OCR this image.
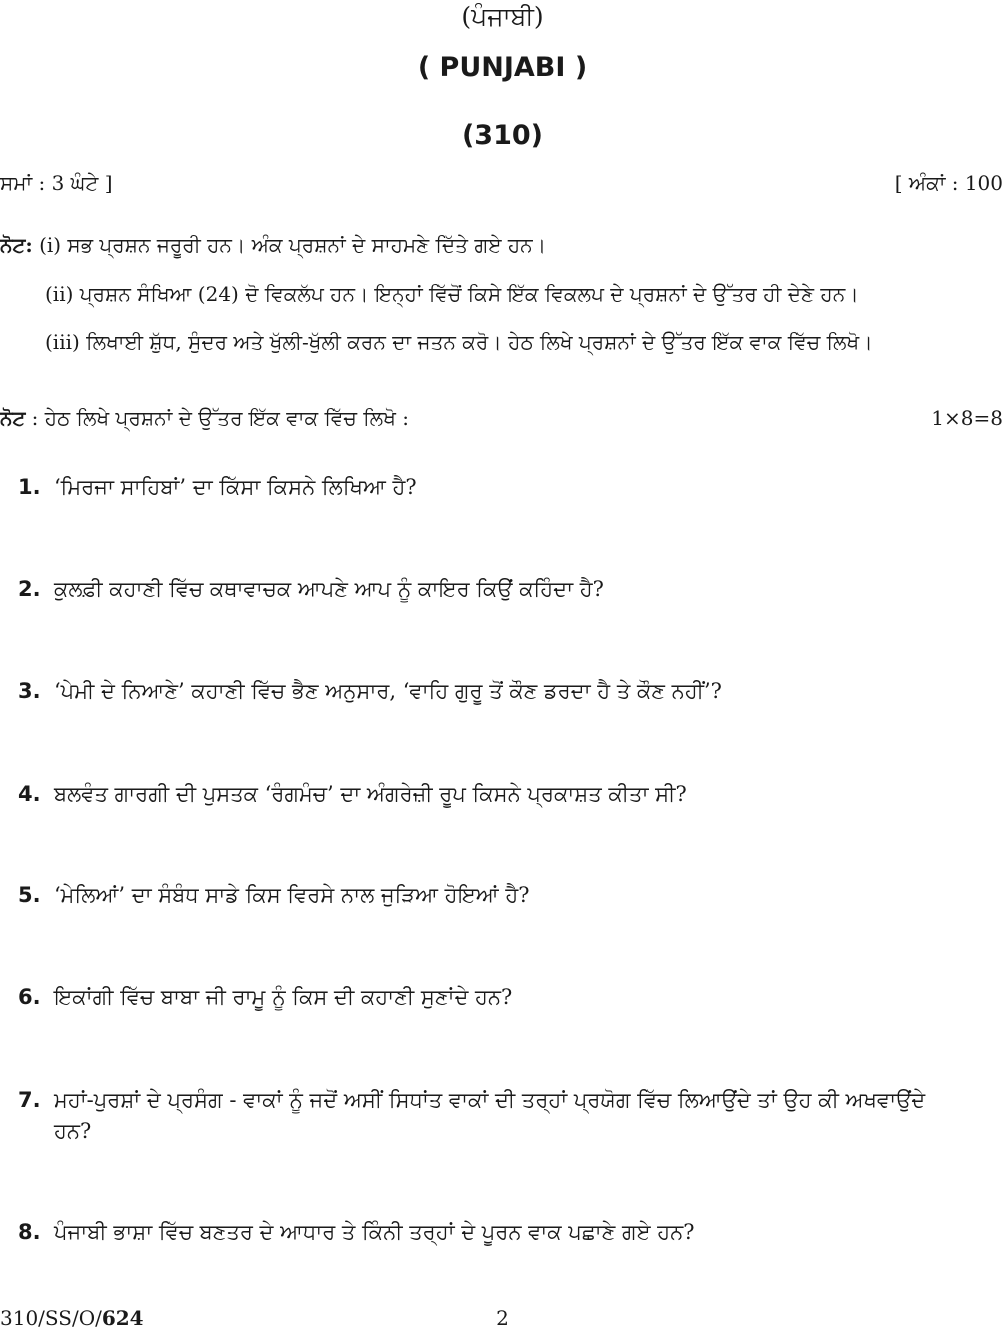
(ਪੰਜਾਬੀ)
( PUNJABI )
(310)
ਸਮਾਂ : 3 ਘੰਟੇ ]	[ ਅੰਕਾਂ : 100
ਨੋਟ: (i) ਸਭ ਪ੍ਰਸ਼ਨ ਜਰੂਰੀ ਹਨ। ਅੰਕ ਪ੍ਰਸ਼ਨਾਂ ਦੇ ਸਾਹਮਣੇ ਦਿੱਤੇ ਗਏ ਹਨ।
(ii) ਪ੍ਰਸ਼ਨ ਸੰਖਿਆ (24) ਦੋ ਵਿਕਲੱਪ ਹਨ। ਇਨ੍ਹਾਂ ਵਿੱਚੋਂ ਕਿਸੇ ਇੱਕ ਵਿਕਲਪ ਦੇ ਪ੍ਰਸ਼ਨਾਂ ਦੇ ਉੱਤਰ ਹੀ ਦੇਣੇ ਹਨ।
(iii) ਲਿਖਾਈ ਸ਼ੁੱਧ, ਸੁੰਦਰ ਅਤੇ ਖੁੱਲੀ-ਖੁੱਲੀ ਕਰਨ ਦਾ ਜਤਨ ਕਰੋ। ਹੇਠ ਲਿਖੇ ਪ੍ਰਸ਼ਨਾਂ ਦੇ ਉੱਤਰ ਇੱਕ ਵਾਕ ਵਿੱਚ ਲਿਖੋ।
ਨੋਟ : ਹੇਠ ਲਿਖੇ ਪ੍ਰਸ਼ਨਾਂ ਦੇ ਉੱਤਰ ਇੱਕ ਵਾਕ ਵਿੱਚ ਲਿਖੋ :	1×8=8
1. ‘ਮਿਰਜਾ ਸਾਹਿਬਾਂ’ ਦਾ ਕਿੱਸਾ ਕਿਸਨੇ ਲਿਖਿਆ ਹੈ?
2. ਕੁਲਫ਼ੀ ਕਹਾਣੀ ਵਿੱਚ ਕਥਾਵਾਚਕ ਆਪਣੇ ਆਪ ਨੂੰ ਕਾਇਰ ਕਿਉਂ ਕਹਿੰਦਾ ਹੈ?
3. ‘ਪੇਮੀ ਦੇ ਨਿਆਣੇ’ ਕਹਾਣੀ ਵਿੱਚ ਭੈਣ ਅਨੁਸਾਰ, ‘ਵਾਹਿ ਗੁਰੂ ਤੋਂ ਕੌਣ ਡਰਦਾ ਹੈ ਤੇ ਕੌਣ ਨਹੀਂ’?
4. ਬਲਵੰਤ ਗਾਰਗੀ ਦੀ ਪੁਸਤਕ ‘ਰੰਗਮੰਚ’ ਦਾ ਅੰਗਰੇਜ਼ੀ ਰੂਪ ਕਿਸਨੇ ਪ੍ਰਕਾਸ਼ਤ ਕੀਤਾ ਸੀ?
5. ‘ਮੇਲਿਆਂ’ ਦਾ ਸੰਬੰਧ ਸਾਡੇ ਕਿਸ ਵਿਰਸੇ ਨਾਲ ਜੁੜਿਆ ਹੋਇਆਂ ਹੈ?
6. ਇਕਾਂਗੀ ਵਿੱਚ ਬਾਬਾ ਜੀ ਰਾਮੂ ਨੂੰ ਕਿਸ ਦੀ ਕਹਾਣੀ ਸੁਣਾਂਦੇ ਹਨ?
7. ਮਹਾਂ-ਪੁਰਸ਼ਾਂ ਦੇ ਪ੍ਰਸੰਗ - ਵਾਕਾਂ ਨੂੰ ਜਦੋਂ ਅਸੀਂ ਸਿਧਾਂਤ ਵਾਕਾਂ ਦੀ ਤਰ੍ਹਾਂ ਪ੍ਰਯੋਗ ਵਿੱਚ ਲਿਆਉਂਦੇ ਤਾਂ ਉਹ ਕੀ ਅਖਵਾਉਂਦੇ ਹਨ?
8. ਪੰਜਾਬੀ ਭਾਸ਼ਾ ਵਿੱਚ ਬਣਤਰ ਦੇ ਆਧਾਰ ਤੇ ਕਿੰਨੀ ਤਰ੍ਹਾਂ ਦੇ ਪੂਰਨ ਵਾਕ ਪਛਾਣੇ ਗਏ ਹਨ?
2
310/SS/O/624
